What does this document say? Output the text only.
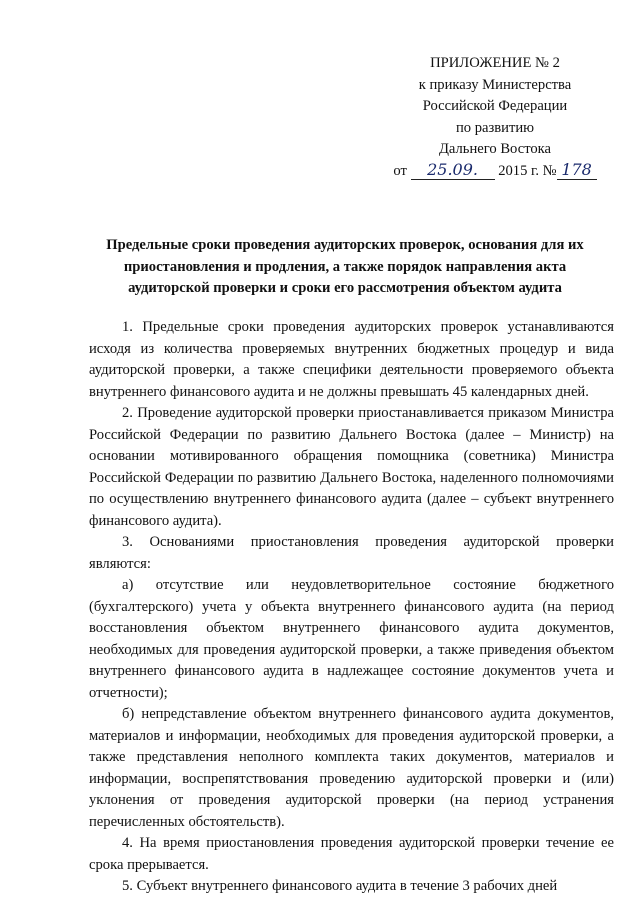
ПРИЛОЖЕНИЕ № 2
к приказу Министерства
Российской Федерации
по развитию
Дальнего Востока
от 25.09. 2015 г. № 178
Предельные сроки проведения аудиторских проверок, основания для их приостановления и продления, а также порядок направления акта аудиторской проверки и сроки его рассмотрения объектом аудита

1. Предельные сроки проведения аудиторских проверок устанавливаются исходя из количества проверяемых внутренних бюджетных процедур и вида аудиторской проверки, а также специфики деятельности проверяемого объекта внутреннего финансового аудита и не должны превышать 45 календарных дней.

2. Проведение аудиторской проверки приостанавливается приказом Министра Российской Федерации по развитию Дальнего Востока (далее – Министр) на основании мотивированного обращения помощника (советника) Министра Российской Федерации по развитию Дальнего Востока, наделенного полномочиями по осуществлению внутреннего финансового аудита (далее – субъект внутреннего финансового аудита).

3. Основаниями приостановления проведения аудиторской проверки являются:

а) отсутствие или неудовлетворительное состояние бюджетного (бухгалтерского) учета у объекта внутреннего финансового аудита (на период восстановления объектом внутреннего финансового аудита документов, необходимых для проведения аудиторской проверки, а также приведения объектом внутреннего финансового аудита в надлежащее состояние документов учета и отчетности);

б) непредставление объектом внутреннего финансового аудита документов, материалов и информации, необходимых для проведения аудиторской проверки, а также представления неполного комплекта таких документов, материалов и информации, воспрепятствования проведению аудиторской проверки и (или) уклонения от проведения аудиторской проверки (на период устранения перечисленных обстоятельств).

4. На время приостановления проведения аудиторской проверки течение ее срока прерывается.

5. Субъект внутреннего финансового аудита в течение 3 рабочих дней
